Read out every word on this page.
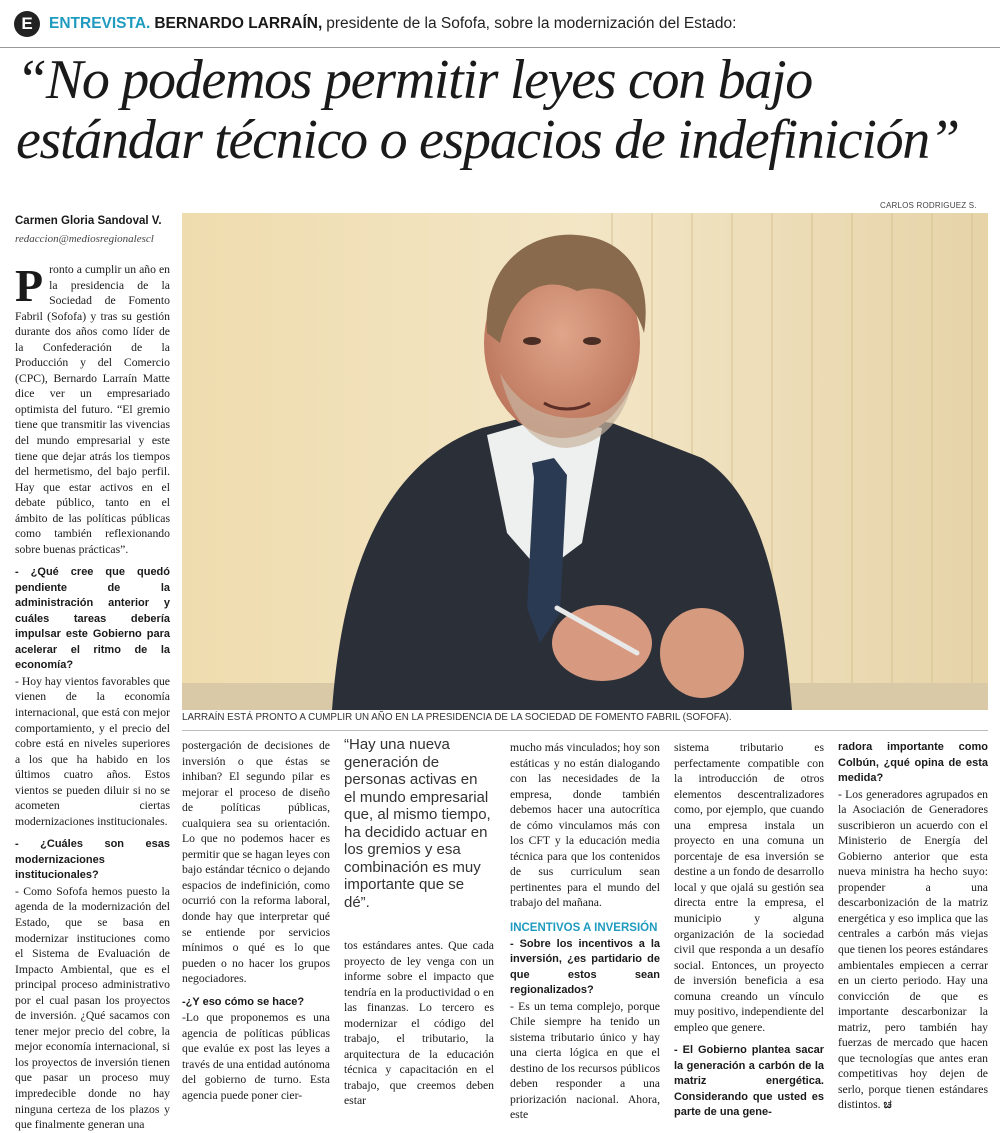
E	ENTREVISTA. BERNARDO LARRAÍN, presidente de la Sofofa, sobre la modernización del Estado:
“No podemos permitir leyes con bajo
estándar técnico o espacios de indefinición”
Carmen Gloria Sandoval V.
redaccion@mediosregionalescl
CARLOS RODRIGUEZ S.
LARRAÍN ESTÁ PRONTO A CUMPLIR UN AÑO EN LA PRESIDENCIA DE LA SOCIEDAD DE FOMENTO FABRIL (SOFOFA).

Pronto a cumplir un año en la presidencia de la Sociedad de Fomento Fabril (Sofofa) y tras su gestión durante dos años como líder de la Confederación de la Producción y del Comercio (CPC), Bernardo Larraín Matte dice ver un empresariado optimista del futuro. “El gremio tiene que transmitir las vivencias del mundo empresarial y este tiene que dejar atrás los tiempos del hermetismo, del bajo perfil. Hay que estar activos en el debate público, tanto en el ámbito de las políticas públicas como también reflexionando sobre buenas prácticas”.

- ¿Qué cree que quedó pendiente de la administración anterior y cuáles tareas debería impulsar este Gobierno para acelerar el ritmo de la economía?

- Hoy hay vientos favorables que vienen de la economía internacional, que está con mejor comportamiento, y el precio del cobre está en niveles superiores a los que ha habido en los últimos cuatro años. Estos vientos se pueden diluir si no se acometen ciertas modernizaciones institucionales.

- ¿Cuáles son esas modernizaciones institucionales?

- Como Sofofa hemos puesto la agenda de la modernización del Estado, que se basa en modernizar instituciones como el Sistema de Evaluación de Impacto Ambiental, que es el principal proceso administrativo por el cual pasan los proyectos de inversión. ¿Qué sacamos con tener mejor precio del cobre, la mejor economía internacional, si los proyectos de inversión tienen que pasar un proceso muy impredecible donde no hay ninguna certeza de los plazos y que finalmente generan una

postergación de decisiones de inversión o que éstas se inhiban? El segundo pilar es mejorar el proceso de diseño de políticas públicas, cualquiera sea su orientación. Lo que no podemos hacer es permitir que se hagan leyes con bajo estándar técnico o dejando espacios de indefinición, como ocurrió con la reforma laboral, donde hay que interpretar qué se entiende por servicios mínimos o qué es lo que pueden o no hacer los grupos negociadores.

-¿Y eso cómo se hace?

-Lo que proponemos es una agencia de políticas públicas que evalúe ex post las leyes a través de una entidad autónoma del gobierno de turno. Esta agencia puede poner cier-

“Hay una nueva generación de personas activas en el mundo empresarial que, al mismo tiempo, ha decidido actuar en los gremios y esa combinación es muy importante que se dé”.

tos estándares antes. Que cada proyecto de ley venga con un informe sobre el impacto que tendría en la productividad o en las finanzas. Lo tercero es modernizar el código del trabajo, el tributario, la arquitectura de la educación técnica y capacitación en el trabajo, que creemos deben estar

mucho más vinculados; hoy son estáticas y no están dialogando con las necesidades de la empresa, donde también debemos hacer una autocrítica de cómo vinculamos más con los CFT y la educación media técnica para que los contenidos de sus curriculum sean pertinentes para el mundo del trabajo del mañana.

INCENTIVOS A INVERSIÓN

- Sobre los incentivos a la inversión, ¿es partidario de que estos sean regionalizados?

- Es un tema complejo, porque Chile siempre ha tenido un sistema tributario único y hay una cierta lógica en que el destino de los recursos públicos deben responder a una priorización nacional. Ahora, este

sistema tributario es perfectamente compatible con la introducción de otros elementos descentralizadores como, por ejemplo, que cuando una empresa instala un proyecto en una comuna un porcentaje de esa inversión se destine a un fondo de desarrollo local y que ojalá su gestión sea directa entre la empresa, el municipio y alguna organización de la sociedad civil que responda a un desafío social. Entonces, un proyecto de inversión beneficia a esa comuna creando un vínculo muy positivo, independiente del empleo que genere.

- El Gobierno plantea sacar la generación a carbón de la matriz energética. Considerando que usted es parte de una gene-

radora importante como Colbún, ¿qué opina de esta medida?

- Los generadores agrupados en la Asociación de Generadores suscribieron un acuerdo con el Ministerio de Energía del Gobierno anterior que esta nueva ministra ha hecho suyo: propender a una descarbonización de la matriz energética y eso implica que las centrales a carbón más viejas que tienen los peores estándares ambientales empiecen a cerrar en un cierto periodo. Hay una convicción de que es importante descarbonizar la matriz, pero también hay fuerzas de mercado que hacen que tecnologías que antes eran competitivas hoy dejen de serlo, porque tienen estándares distintos. ಚ
